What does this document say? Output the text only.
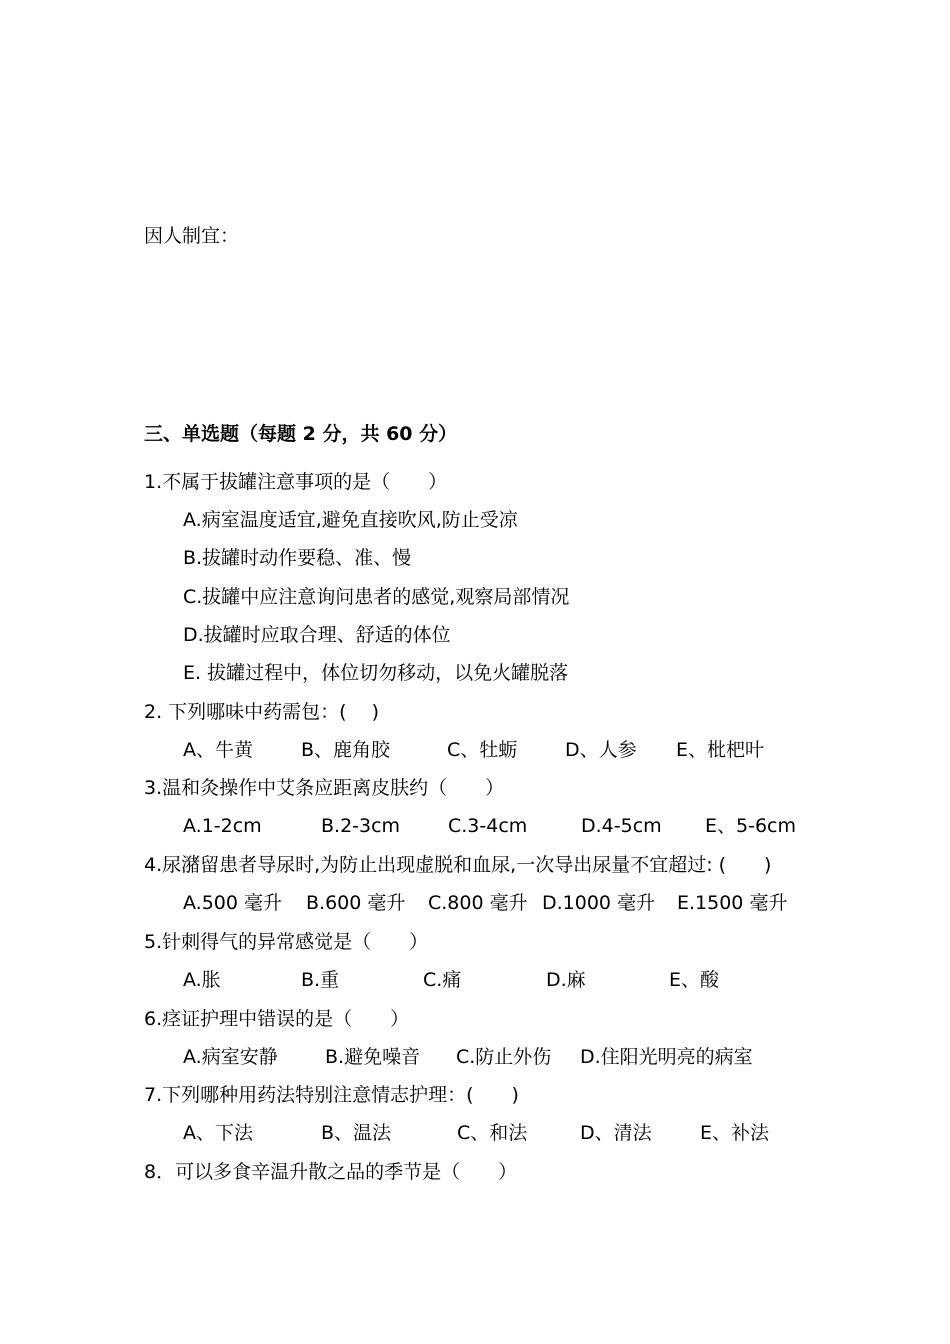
因人制宜：
三、单选题（每题 2 分，共 60 分）
1.不属于拔罐注意事项的是（　　）
A.病室温度适宜,避免直接吹风,防止受凉
B.拔罐时动作要稳、准、慢
C.拔罐中应注意询问患者的感觉,观察局部情况
D.拔罐时应取合理、舒适的体位
E. 拔罐过程中，体位切勿移动，以免火罐脱落
2. 下列哪味中药需包：(　 )
A、牛黄	B、鹿角胶	C、牡蛎	D、人参 E、枇杷叶
3.温和灸操作中艾条应距离皮肤约（　　）
A.1-2cm	B.2-3cm	C.3-4cm	D.4-5cm E、5-6cm
4.尿潴留患者导尿时,为防止出现虚脱和血尿,一次导出尿量不宜超过: (　　)
A.500 毫升 B.600 毫升 C.800 毫升 D.1000 毫升 E.1500 毫升
5.针刺得气的异常感觉是（　　）
A.胀	B.重	C.痛	D.麻	E、酸
6.痉证护理中错误的是（　　）
A.病室安静 B.避免噪音 C.防止外伤 D.住阳光明亮的病室
7.下列哪种用药法特别注意情志护理：(　　)
A、下法	B、温法	C、和法	D、清法	E、补法
8．可以多食辛温升散之品的季节是（　　）
